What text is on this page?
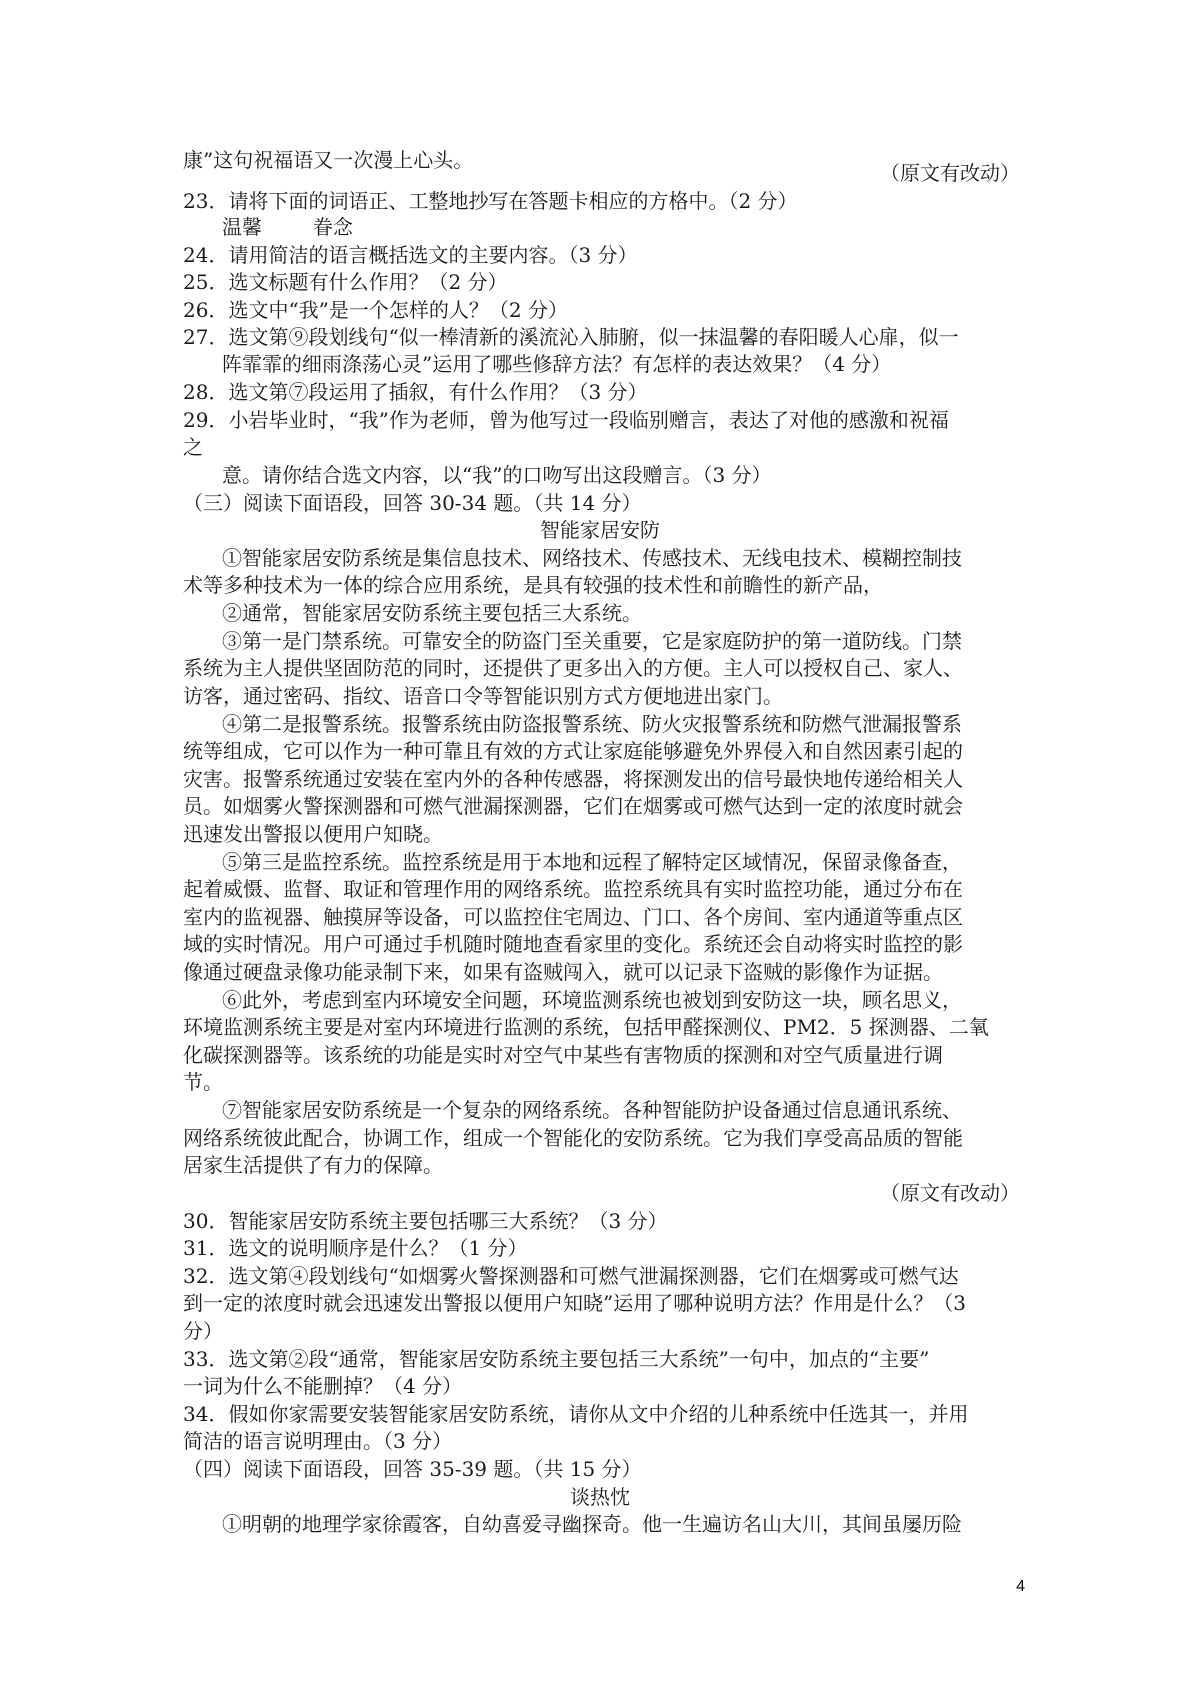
康”这句祝福语又一次漫上心头。
（原文有改动）
23．请将下面的词语正、工整地抄写在答题卡相应的方格中。（2 分）
温馨        眷念
24．请用简洁的语言概括选文的主要内容。（3 分）
25．选文标题有什么作用？（2 分）
26．选文中“我”是一个怎样的人？（2 分）
27．选文第⑨段划线句“似一棒清新的溪流沁入肺腑，似一抹温馨的春阳暖人心扉，似一
阵霏霏的细雨涤荡心灵”运用了哪些修辞方法？有怎样的表达效果？（4 分）
28．选文第⑦段运用了插叙，有什么作用？（3 分）
29．小岩毕业时，“我”作为老师，曾为他写过一段临别赠言，表达了对他的感激和祝福
之
意。请你结合选文内容，以“我”的口吻写出这段赠言。（3 分）
（三）阅读下面语段，回答 30-34 题。（共 14 分）
智能家居安防
①智能家居安防系统是集信息技术、网络技术、传感技术、无线电技术、模糊控制技
术等多种技术为一体的综合应用系统，是具有较强的技术性和前瞻性的新产品，
②通常，智能家居安防系统主要包括三大系统。
③第一是门禁系统。可靠安全的防盗门至关重要，它是家庭防护的第一道防线。门禁
系统为主人提供坚固防范的同时，还提供了更多出入的方便。主人可以授权自己、家人、
访客，通过密码、指纹、语音口令等智能识别方式方便地进出家门。
④第二是报警系统。报警系统由防盗报警系统、防火灾报警系统和防燃气泄漏报警系
统等组成，它可以作为一种可靠且有效的方式让家庭能够避免外界侵入和自然因素引起的
灾害。报警系统通过安装在室内外的各种传感器，将探测发出的信号最快地传递给相关人
员。如烟雾火警探测器和可燃气泄漏探测器，它们在烟雾或可燃气达到一定的浓度时就会
迅速发出警报以便用户知晓。
⑤第三是监控系统。监控系统是用于本地和远程了解特定区域情况，保留录像备查，
起着威慑、监督、取证和管理作用的网络系统。监控系统具有实时监控功能，通过分布在
室内的监视器、触摸屏等设备，可以监控住宅周边、门口、各个房间、室内通道等重点区
域的实时情况。用户可通过手机随时随地查看家里的变化。系统还会自动将实时监控的影
像通过硬盘录像功能录制下来，如果有盗贼闯入，就可以记录下盗贼的影像作为证据。
⑥此外，考虑到室内环境安全问题，环境监测系统也被划到安防这一块，顾名思义，
环境监测系统主要是对室内环境进行监测的系统，包括甲醛探测仪、PM2．5 探测器、二氧
化碳探测器等。该系统的功能是实时对空气中某些有害物质的探测和对空气质量进行调
节。
⑦智能家居安防系统是一个复杂的网络系统。各种智能防护设备通过信息通讯系统、
网络系统彼此配合，协调工作，组成一个智能化的安防系统。它为我们享受高品质的智能
居家生活提供了有力的保障。
（原文有改动）
30．智能家居安防系统主要包括哪三大系统？（3 分）
31．选文的说明顺序是什么？（1 分）
32．选文第④段划线句“如烟雾火警探测器和可燃气泄漏探测器，它们在烟雾或可燃气达
到一定的浓度时就会迅速发出警报以便用户知晓”运用了哪种说明方法？作用是什么？（3
分）
33．选文第②段“通常，智能家居安防系统主要包括三大系统”一句中，加点的“主要”
一词为什么不能删掉？（4 分）
34．假如你家需要安装智能家居安防系统，请你从文中介绍的儿种系统中任选其一，并用
简洁的语言说明理由。（3 分）
（四）阅读下面语段，回答 35-39 题。（共 15 分）
谈热忱
①明朝的地理学家徐霞客，自幼喜爱寻幽探奇。他一生遍访名山大川，其间虽屡历险
4
